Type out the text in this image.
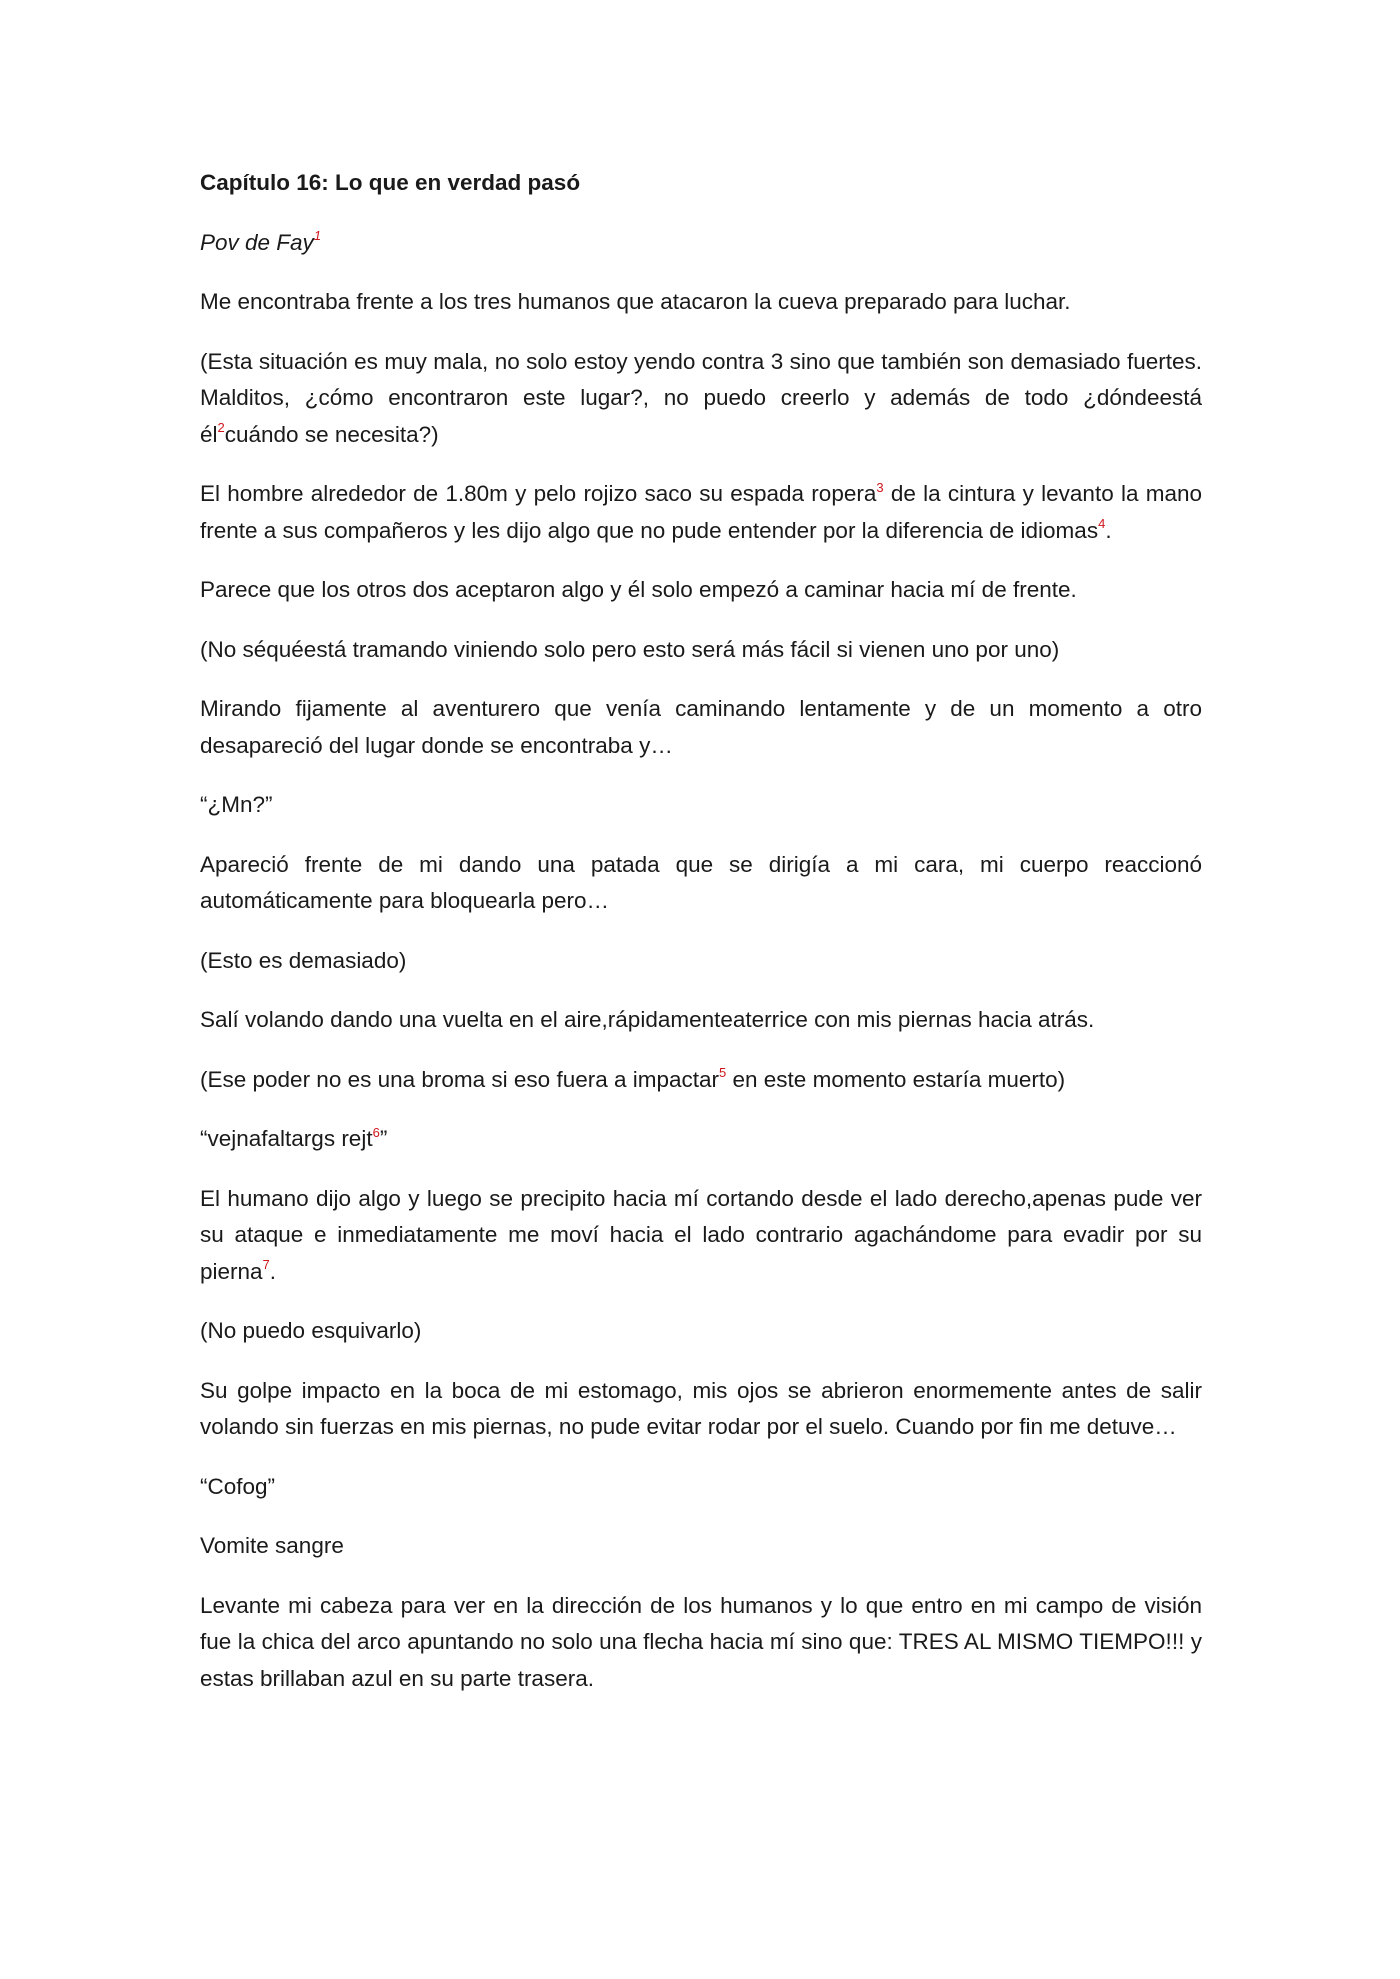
Capítulo 16: Lo que en verdad pasó

Pov de Fay$^1$

Me encontraba frente a los tres humanos que atacaron la cueva preparado para luchar.

(Esta situación es muy mala, no solo estoy yendo contra 3 sino que también son demasiado fuertes. Malditos, ¿cómo encontraron este lugar?, no puedo creerlo y además de todo ¿dóndeestá él$^2$cuándo se necesita?)

El hombre alrededor de 1.80m y pelo rojizo saco su espada ropera$^3$ de la cintura y levanto la mano frente a sus compañeros y les dijo algo que no pude entender por la diferencia de idiomas$^4$.

Parece que los otros dos aceptaron algo y él solo empezó a caminar hacia mí de frente.

(No séquéestá tramando viniendo solo pero esto será más fácil si vienen uno por uno)

Mirando fijamente al aventurero que venía caminando lentamente y de un momento a otro desapareció del lugar donde se encontraba y…

“¿Mn?”

Apareció frente de mi dando una patada que se dirigía a mi cara, mi cuerpo reaccionó automáticamente para bloquearla pero…

(Esto es demasiado)

Salí volando dando una vuelta en el aire,rápidamenteaterrice con mis piernas hacia atrás.

(Ese poder no es una broma si eso fuera a impactar$^5$ en este momento estaría muerto)

“vejnafaltargs rejt$^6$”

El humano dijo algo y luego se precipito hacia mí cortando desde el lado derecho,apenas pude ver su ataque e inmediatamente me moví hacia el lado contrario agachándome para evadir por su pierna$^7$.

(No puedo esquivarlo)

Su golpe impacto en la boca de mi estomago, mis ojos se abrieron enormemente antes de salir volando sin fuerzas en mis piernas, no pude evitar rodar por el suelo. Cuando por fin me detuve…

“Cofog”

Vomite sangre

Levante mi cabeza para ver en la dirección de los humanos y lo que entro en mi campo de visión fue la chica del arco apuntando no solo una flecha hacia mí sino que: TRES AL MISMO TIEMPO!!! y estas brillaban azul en su parte trasera.
